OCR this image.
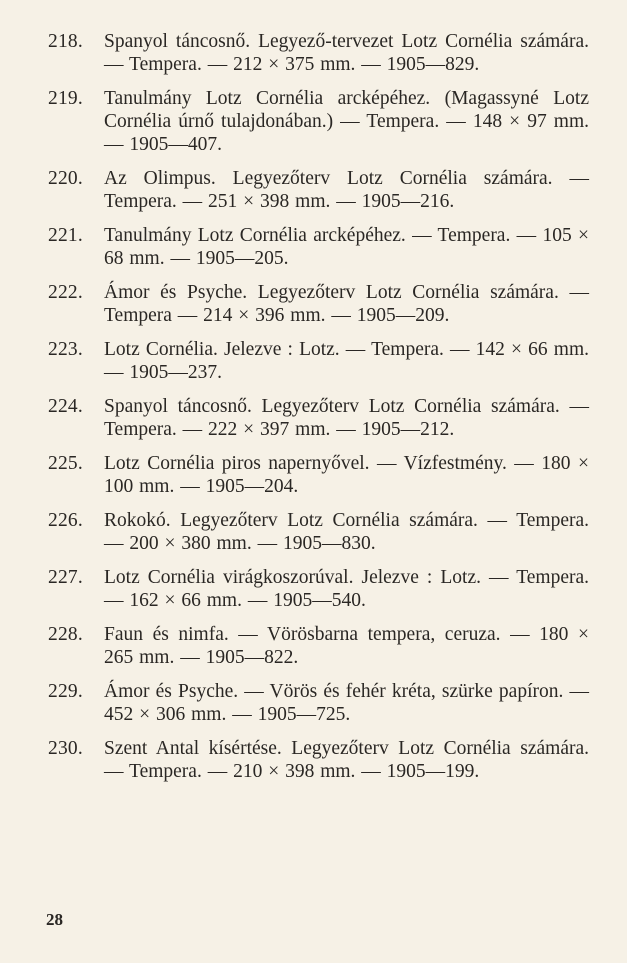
218.	Spanyol táncosnő. Legyező-tervezet Lotz Cornélia számára. — Tempera. — 212 × 375 mm. — 1905—829.
219.	Tanulmány Lotz Cornélia arcképéhez. (Magassyné Lotz Cornélia úrnő tulajdonában.) — Tempera. — 148 × 97 mm. — 1905—407.
220.	Az Olimpus. Legyezőterv Lotz Cornélia számára. — Tempera. — 251 × 398 mm. — 1905—216.
221.	Tanulmány Lotz Cornélia arcképéhez. — Tempera. — 105 × 68 mm. — 1905—205.
222.	Ámor és Psyche. Legyezőterv Lotz Cornélia számára. — Tempera — 214 × 396 mm. — 1905—209.
223.	Lotz Cornélia. Jelezve : Lotz. — Tempera. — 142 × 66 mm. — 1905—237.
224.	Spanyol táncosnő. Legyezőterv Lotz Cornélia számára. — Tempera. — 222 × 397 mm. — 1905—212.
225.	Lotz Cornélia piros napernyővel. — Vízfestmény. — 180 × 100 mm. — 1905—204.
226.	Rokokó. Legyezőterv Lotz Cornélia számára. — Tempera. — 200 × 380 mm. — 1905—830.
227.	Lotz Cornélia virágkoszorúval. Jelezve : Lotz. — Tempera. — 162 × 66 mm. — 1905—540.
228.	Faun és nimfa. — Vörösbarna tempera, ceruza. — 180 × 265 mm. — 1905—822.
229.	Ámor és Psyche. — Vörös és fehér kréta, szürke papíron. — 452 × 306 mm. — 1905—725.
230.	Szent Antal kísértése. Legyezőterv Lotz Cornélia számára. — Tempera. — 210 × 398 mm. — 1905—199.
28
